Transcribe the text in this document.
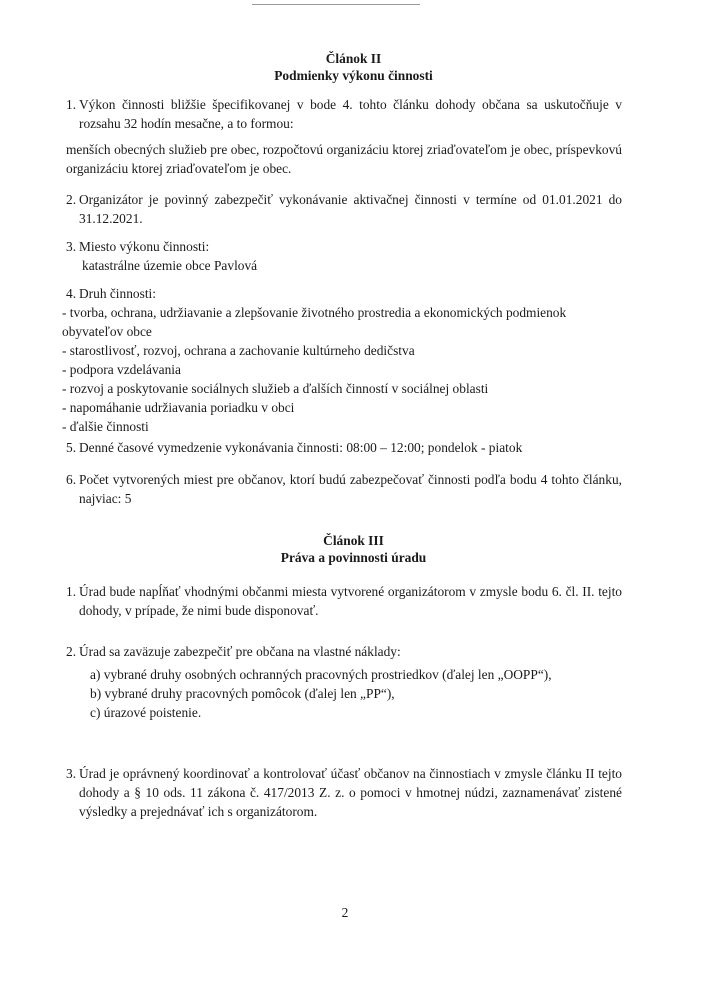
Článok II
Podmienky výkonu činnosti
1. Výkon činnosti bližšie špecifikovanej v bode 4. tohto článku dohody občana sa uskutočňuje v rozsahu 32 hodín mesačne, a to formou:
menších obecných služieb pre obec, rozpočtovú organizáciu ktorej zriaďovateľom je obec, príspevkovú organizáciu ktorej zriaďovateľom je obec.
2. Organizátor je povinný zabezpečiť vykonávanie aktivačnej činnosti v termíne od 01.01.2021 do 31.12.2021.
3. Miesto výkonu činnosti:
katastrálne územie obce Pavlová
4. Druh činnosti:
- tvorba, ochrana, udržiavanie a zlepšovanie životného prostredia a ekonomických podmienok
obyvateľov obce
- starostlivosť, rozvoj, ochrana a zachovanie kultúrneho dedičstva
- podpora vzdelávania
- rozvoj a poskytovanie sociálnych služieb a ďalších činností v sociálnej oblasti
- napomáhanie udržiavania poriadku v obci
- ďalšie činnosti
5. Denné časové vymedzenie vykonávania činnosti: 08:00 – 12:00; pondelok - piatok
6. Počet vytvorených miest pre občanov, ktorí budú zabezpečovať činnosti podľa bodu 4 tohto článku, najviac: 5
Článok III
Práva a povinnosti úradu
1. Úrad bude napĺňať vhodnými občanmi miesta vytvorené organizátorom v zmysle bodu 6. čl. II. tejto dohody, v prípade, že nimi bude disponovať.
2. Úrad sa zaväzuje zabezpečiť pre občana na vlastné náklady:
a) vybrané druhy osobných ochranných pracovných prostriedkov (ďalej len „OOPP“),
b) vybrané druhy pracovných pomôcok (ďalej len „PP“),
c) úrazové poistenie.
3. Úrad je oprávnený koordinovať a kontrolovať účasť občanov na činnostiach v zmysle článku II tejto dohody a § 10 ods. 11 zákona č. 417/2013 Z. z. o pomoci v hmotnej núdzi, zaznamenávať zistené výsledky a prejednávať ich s organizátorom.
2
